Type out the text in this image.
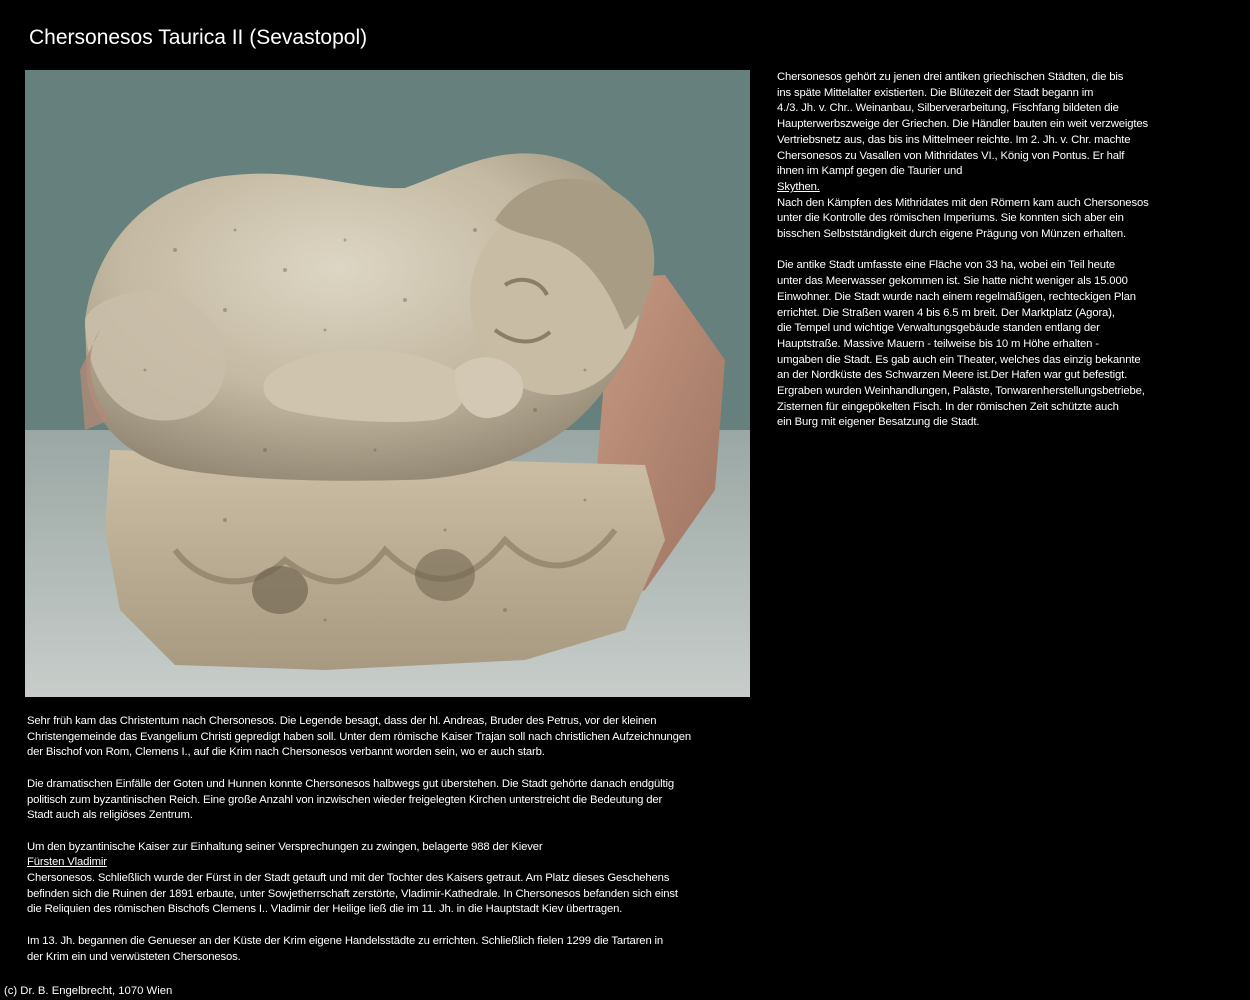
Chersonesos Taurica II (Sevastopol)

Chersonesos gehört zu jenen drei antiken griechischen Städten, die bis
ins späte Mittelalter existierten. Die Blütezeit der Stadt begann im
4./3. Jh. v. Chr.. Weinanbau, Silberverarbeitung, Fischfang bildeten die
Haupterwerbszweige der Griechen. Die Händler bauten ein weit verzweigtes
Vertriebsnetz aus, das bis ins Mittelmeer reichte. Im 2. Jh. v. Chr. machte
Chersonesos zu Vasallen von Mithridates VI., König von Pontus. Er half
ihnen im Kampf gegen die Taurier und
Skythen.
Nach den Kämpfen des Mithridates mit den Römern kam auch Chersonesos
unter die Kontrolle des römischen Imperiums. Sie konnten sich aber ein
bisschen Selbstständigkeit durch eigene Prägung von Münzen erhalten.

Die antike Stadt umfasste eine Fläche von 33 ha, wobei ein Teil heute
unter das Meerwasser gekommen ist. Sie hatte nicht weniger als 15.000
Einwohner. Die Stadt wurde nach einem regelmäßigen, rechteckigen Plan
errichtet. Die Straßen waren 4 bis 6.5 m breit. Der Marktplatz (Agora),
die Tempel und wichtige Verwaltungsgebäude standen entlang der
Hauptstraße. Massive Mauern - teilweise bis 10 m Höhe erhalten -
umgaben die Stadt. Es gab auch ein Theater, welches das einzig bekannte
an der Nordküste des Schwarzen Meere ist.Der Hafen war gut befestigt.
Ergraben wurden Weinhandlungen, Paläste, Tonwarenherstellungsbetriebe,
Zisternen für eingepökelten Fisch. In der römischen Zeit schützte auch
ein Burg mit eigener Besatzung die Stadt.

Sehr früh kam das Christentum nach Chersonesos. Die Legende besagt, dass der hl. Andreas, Bruder des Petrus, vor der kleinen
Christengemeinde das Evangelium Christi gepredigt haben soll. Unter dem römische Kaiser Trajan soll nach christlichen Aufzeichnungen
der Bischof von Rom, Clemens I., auf die Krim nach Chersonesos verbannt worden sein, wo er auch starb.

Die dramatischen Einfälle der Goten und Hunnen konnte Chersonesos halbwegs gut überstehen. Die Stadt gehörte danach endgültig
politisch zum byzantinischen Reich. Eine große Anzahl von inzwischen wieder freigelegten Kirchen unterstreicht die Bedeutung der
Stadt auch als religiöses Zentrum.

Um den byzantinische Kaiser zur Einhaltung seiner Versprechungen zu zwingen, belagerte 988 der Kiever
Fürsten Vladimir
Chersonesos. Schließlich wurde der Fürst in der Stadt getauft und mit der Tochter des Kaisers getraut. Am Platz dieses Geschehens
befinden sich die Ruinen der 1891 erbaute, unter Sowjetherrschaft zerstörte, Vladimir-Kathedrale. In Chersonesos befanden sich einst
die Reliquien des römischen Bischofs Clemens I.. Vladimir der Heilige ließ die im 11. Jh. in die Hauptstadt Kiev übertragen.

Im 13. Jh. begannen die Genueser an der Küste der Krim eigene Handelsstädte zu errichten. Schließlich fielen 1299 die Tartaren in
der Krim ein und verwüsteten Chersonesos.

(c) Dr. B. Engelbrecht, 1070 Wien
